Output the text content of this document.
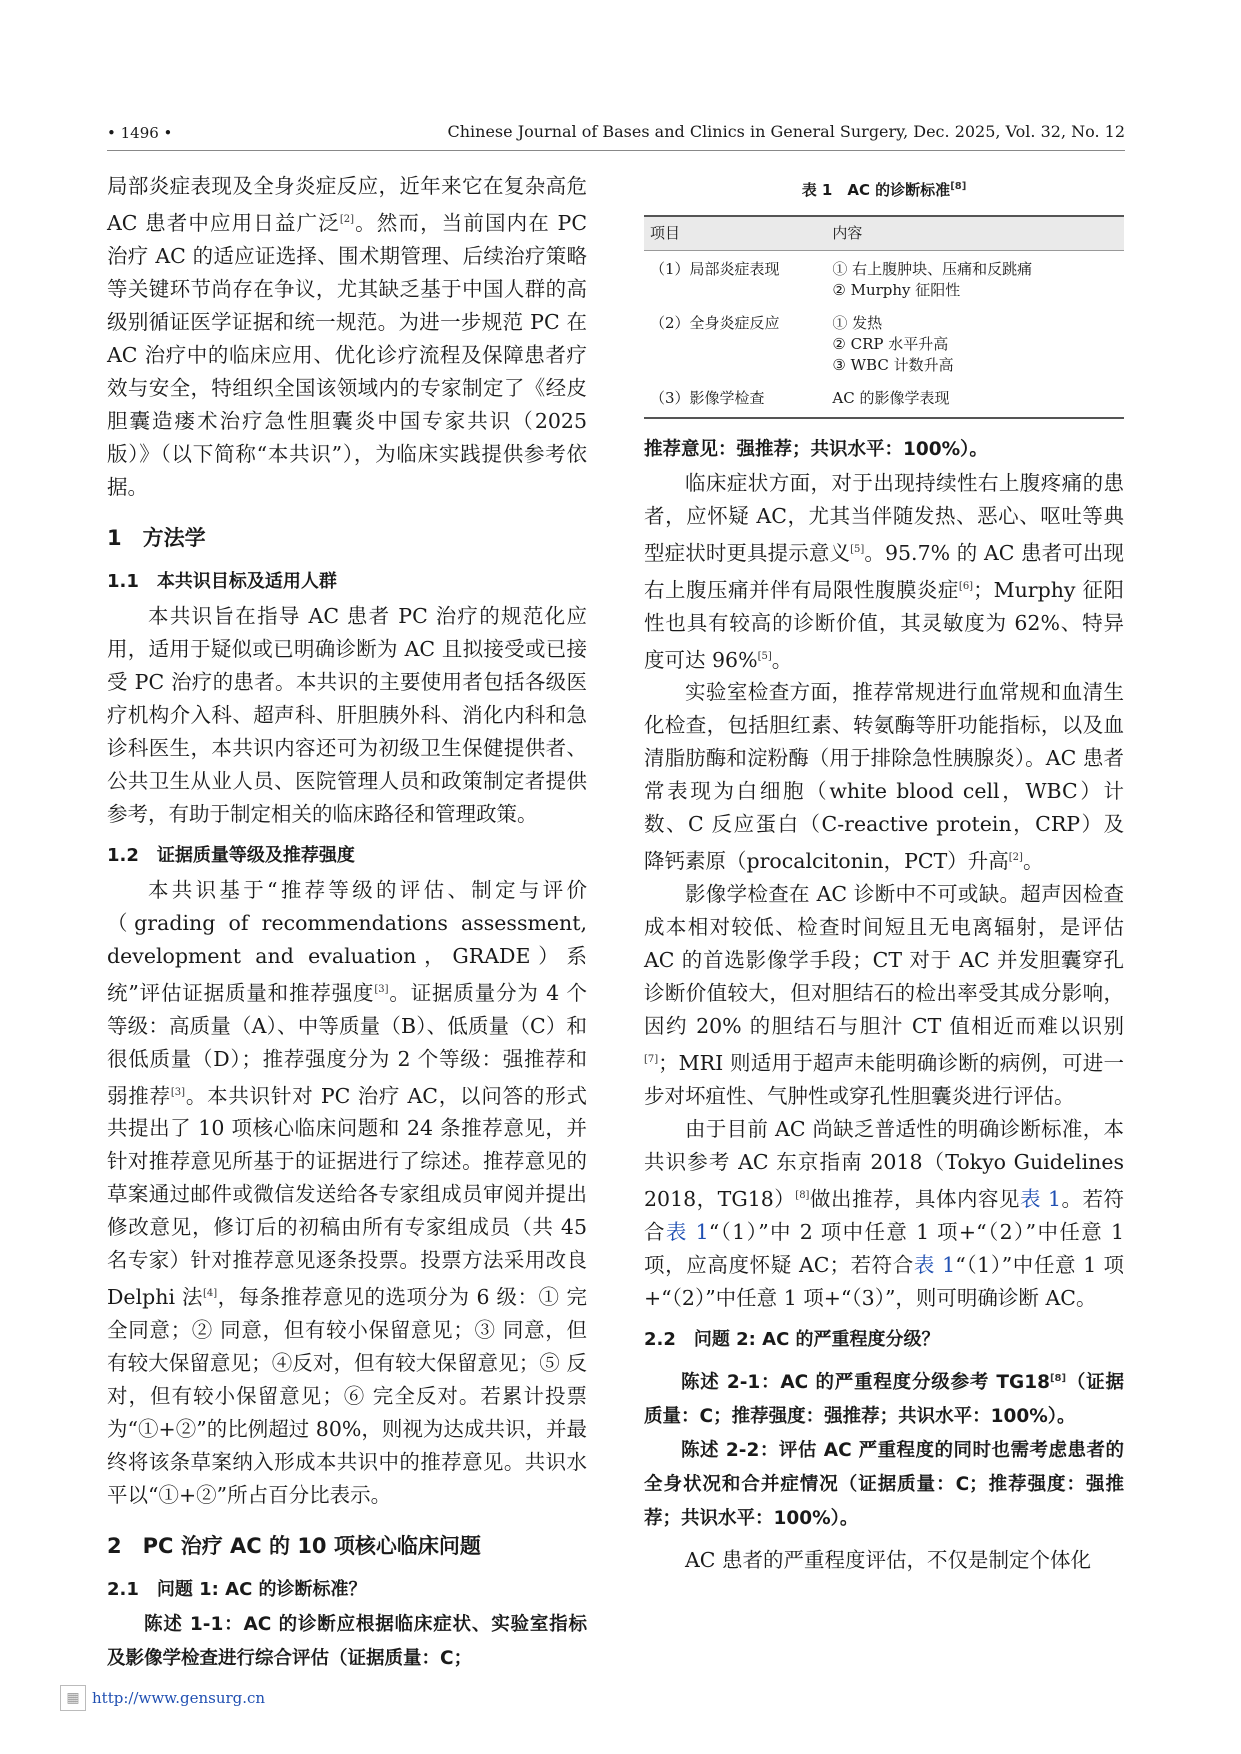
• 1496 •	Chinese Journal of Bases and Clinics in General Surgery, Dec. 2025, Vol. 32, No. 12

局部炎症表现及全身炎症反应，近年来它在复杂高危 AC 患者中应用日益广泛[2]。然而，当前国内在 PC 治疗 AC 的适应证选择、围术期管理、后续治疗策略等关键环节尚存在争议，尤其缺乏基于中国人群的高级别循证医学证据和统一规范。为进一步规范 PC 在 AC 治疗中的临床应用、优化诊疗流程及保障患者疗效与安全，特组织全国该领域内的专家制定了《经皮胆囊造瘘术治疗急性胆囊炎中国专家共识（2025 版）》（以下简称“本共识”），为临床实践提供参考依据。

1　方法学
1.1　本共识目标及适用人群

本共识旨在指导 AC 患者 PC 治疗的规范化应用，适用于疑似或已明确诊断为 AC 且拟接受或已接受 PC 治疗的患者。本共识的主要使用者包括各级医疗机构介入科、超声科、肝胆胰外科、消化内科和急诊科医生，本共识内容还可为初级卫生保健提供者、公共卫生从业人员、医院管理人员和政策制定者提供参考，有助于制定相关的临床路径和管理政策。

1.2　证据质量等级及推荐强度

本共识基于“推荐等级的评估、制定与评价（grading of recommendations assessment, development and evaluation，GRADE）系统”评估证据质量和推荐强度[3]。证据质量分为 4 个等级：高质量（A）、中等质量（B）、低质量（C）和很低质量（D）；推荐强度分为 2 个等级：强推荐和弱推荐[3]。本共识针对 PC 治疗 AC，以问答的形式共提出了 10 项核心临床问题和 24 条推荐意见，并针对推荐意见所基于的证据进行了综述。推荐意见的草案通过邮件或微信发送给各专家组成员审阅并提出修改意见，修订后的初稿由所有专家组成员（共 45 名专家）针对推荐意见逐条投票。投票方法采用改良 Delphi 法[4]，每条推荐意见的选项分为 6 级：① 完全同意；② 同意，但有较小保留意见；③ 同意，但有较大保留意见；④反对，但有较大保留意见；⑤ 反对，但有较小保留意见；⑥ 完全反对。若累计投票为“①+②”的比例超过 80%，则视为达成共识，并最终将该条草案纳入形成本共识中的推荐意见。共识水平以“①+②”所占百分比表示。

2　PC 治疗 AC 的 10 项核心临床问题
2.1　问题 1: AC 的诊断标准？

陈述 1-1：AC 的诊断应根据临床症状、实验室指标及影像学检查进行综合评估（证据质量：C；

表 1　AC 的诊断标准[8]
项目	内容
（1）局部炎症表现	① 右上腹肿块、压痛和反跳痛
② Murphy 征阳性

（2）全身炎症反应	① 发热
② CRP 水平升高
③ WBC 计数升高

（3）影像学检查	AC 的影像学表现

推荐意见：强推荐；共识水平：100%）。

临床症状方面，对于出现持续性右上腹疼痛的患者，应怀疑 AC，尤其当伴随发热、恶心、呕吐等典型症状时更具提示意义[5]。95.7% 的 AC 患者可出现右上腹压痛并伴有局限性腹膜炎症[6]；Murphy 征阳性也具有较高的诊断价值，其灵敏度为 62%、特异度可达 96%[5]。

实验室检查方面，推荐常规进行血常规和血清生化检查，包括胆红素、转氨酶等肝功能指标，以及血清脂肪酶和淀粉酶（用于排除急性胰腺炎）。AC 患者常表现为白细胞（white blood cell，WBC）计数、C 反应蛋白（C-reactive protein，CRP）及降钙素原（procalcitonin，PCT）升高[2]。

影像学检查在 AC 诊断中不可或缺。超声因检查成本相对较低、检查时间短且无电离辐射，是评估 AC 的首选影像学手段；CT 对于 AC 并发胆囊穿孔诊断价值较大，但对胆结石的检出率受其成分影响，因约 20% 的胆结石与胆汁 CT 值相近而难以识别[7]；MRI 则适用于超声未能明确诊断的病例，可进一步对坏疽性、气肿性或穿孔性胆囊炎进行评估。

由于目前 AC 尚缺乏普适性的明确诊断标准，本共识参考 AC 东京指南 2018（Tokyo Guidelines 2018，TG18）[8]做出推荐，具体内容见表 1。若符合表 1“（1）”中 2 项中任意 1 项+“（2）”中任意 1 项，应高度怀疑 AC；若符合表 1“（1）”中任意 1 项+“（2）”中任意 1 项+“（3）”，则可明确诊断 AC。

2.2　问题 2: AC 的严重程度分级？

陈述 2-1：AC 的严重程度分级参考 TG18[8]（证据质量：C；推荐强度：强推荐；共识水平：100%）。

陈述 2-2：评估 AC 严重程度的同时也需考虑患者的全身状况和合并症情况（证据质量：C；推荐强度：强推荐；共识水平：100%）。

AC 患者的严重程度评估，不仅是制定个体化

▦ http://www.gensurg.cn
